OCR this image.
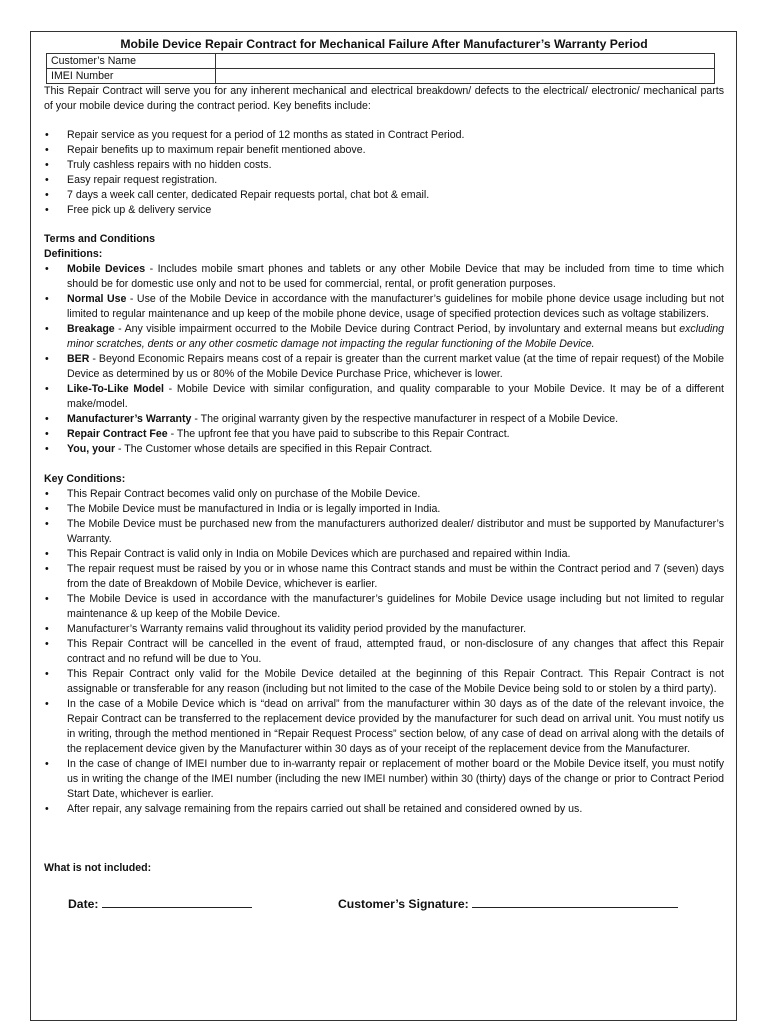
Mobile Device Repair Contract for Mechanical Failure After Manufacturer’s Warranty Period
Customer’s Name	
IMEI Number	

This Repair Contract will serve you for any inherent mechanical and electrical breakdown/ defects to the electrical/ electronic/ mechanical parts of your mobile device during the contract period. Key benefits include:

• Repair service as you request for a period of 12 months as stated in Contract Period.
• Repair benefits up to maximum repair benefit mentioned above.
• Truly cashless repairs with no hidden costs.
• Easy repair request registration.
• 7 days a week call center, dedicated Repair requests portal, chat bot & email.
• Free pick up & delivery service

Terms and Conditions

Definitions:

• Mobile Devices - Includes mobile smart phones and tablets or any other Mobile Device that may be included from time to time which should be for domestic use only and not to be used for commercial, rental, or profit generation purposes.
• Normal Use - Use of the Mobile Device in accordance with the manufacturer’s guidelines for mobile phone device usage including but not limited to regular maintenance and up keep of the mobile phone device, usage of specified protection devices such as voltage stabilizers.
• Breakage - Any visible impairment occurred to the Mobile Device during Contract Period, by involuntary and external means but excluding minor scratches, dents or any other cosmetic damage not impacting the regular functioning of the Mobile Device.
• BER - Beyond Economic Repairs means cost of a repair is greater than the current market value (at the time of repair request) of the Mobile Device as determined by us or 80% of the Mobile Device Purchase Price, whichever is lower.
• Like-To-Like Model - Mobile Device with similar configuration, and quality comparable to your Mobile Device. It may be of a different make/model.
• Manufacturer’s Warranty - The original warranty given by the respective manufacturer in respect of a Mobile Device.
• Repair Contract Fee - The upfront fee that you have paid to subscribe to this Repair Contract.
• You, your - The Customer whose details are specified in this Repair Contract.

Key Conditions:

• This Repair Contract becomes valid only on purchase of the Mobile Device.
• The Mobile Device must be manufactured in India or is legally imported in India.
• The Mobile Device must be purchased new from the manufacturers authorized dealer/ distributor and must be supported by Manufacturer’s Warranty.
• This Repair Contract is valid only in India on Mobile Devices which are purchased and repaired within India.
• The repair request must be raised by you or in whose name this Contract stands and must be within the Contract period and 7 (seven) days from the date of Breakdown of Mobile Device, whichever is earlier.
• The Mobile Device is used in accordance with the manufacturer’s guidelines for Mobile Device usage including but not limited to regular maintenance & up keep of the Mobile Device.
• Manufacturer’s Warranty remains valid throughout its validity period provided by the manufacturer.
• This Repair Contract will be cancelled in the event of fraud, attempted fraud, or non-disclosure of any changes that affect this Repair contract and no refund will be due to You.
• This Repair Contract only valid for the Mobile Device detailed at the beginning of this Repair Contract. This Repair Contract is not assignable or transferable for any reason (including but not limited to the case of the Mobile Device being sold to or stolen by a third party).
• In the case of a Mobile Device which is “dead on arrival” from the manufacturer within 30 days as of the date of the relevant invoice, the Repair Contract can be transferred to the replacement device provided by the manufacturer for such dead on arrival unit. You must notify us in writing, through the method mentioned in “Repair Request Process” section below, of any case of dead on arrival along with the details of the replacement device given by the Manufacturer within 30 days as of your receipt of the replacement device from the Manufacturer.
• In the case of change of IMEI number due to in-warranty repair or replacement of mother board or the Mobile Device itself, you must notify us in writing the change of the IMEI number (including the new IMEI number) within 30 (thirty) days of the change or prior to Contract Period Start Date, whichever is earlier.
• After repair, any salvage remaining from the repairs carried out shall be retained and considered owned by us.

What is not included:

Date:	Customer’s Signature:
